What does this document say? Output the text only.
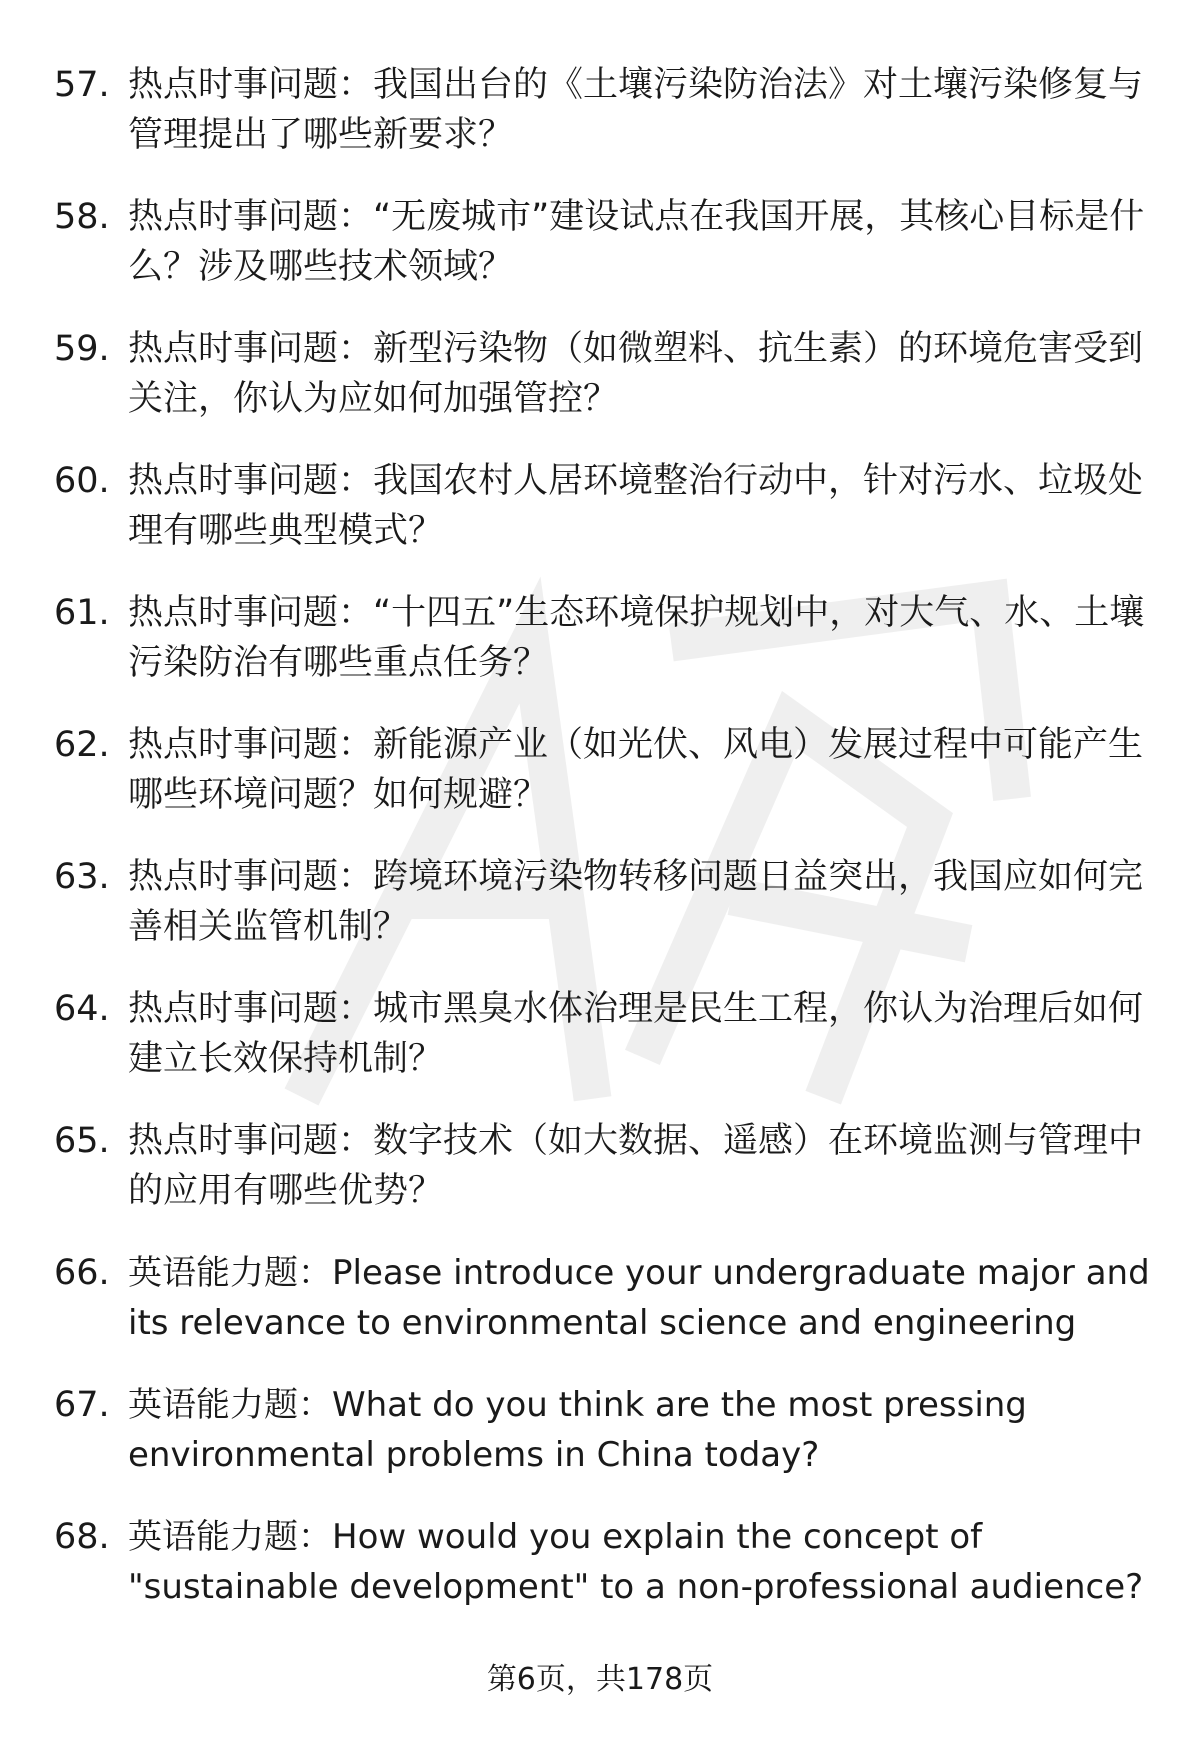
57. 热点时事问题：我国出台的《土壤污染防治法》对土壤污染修复与管理提出了哪些新要求？
58. 热点时事问题：“无废城市”建设试点在我国开展，其核心目标是什么？涉及哪些技术领域？
59. 热点时事问题：新型污染物（如微塑料、抗生素）的环境危害受到关注，你认为应如何加强管控？
60. 热点时事问题：我国农村人居环境整治行动中，针对污水、垃圾处理有哪些典型模式？
61. 热点时事问题：“十四五”生态环境保护规划中，对大气、水、土壤污染防治有哪些重点任务？
62. 热点时事问题：新能源产业（如光伏、风电）发展过程中可能产生哪些环境问题？如何规避？
63. 热点时事问题：跨境环境污染物转移问题日益突出，我国应如何完善相关监管机制？
64. 热点时事问题：城市黑臭水体治理是民生工程，你认为治理后如何建立长效保持机制？
65. 热点时事问题：数字技术（如大数据、遥感）在环境监测与管理中的应用有哪些优势？
66. 英语能力题：Please introduce your undergraduate major and its relevance to environmental science and engineering
67. 英语能力题：What do you think are the most pressing environmental problems in China today?
68. 英语能力题：How would you explain the concept of "sustainable development" to a non-professional audience?
第6页，共178页
